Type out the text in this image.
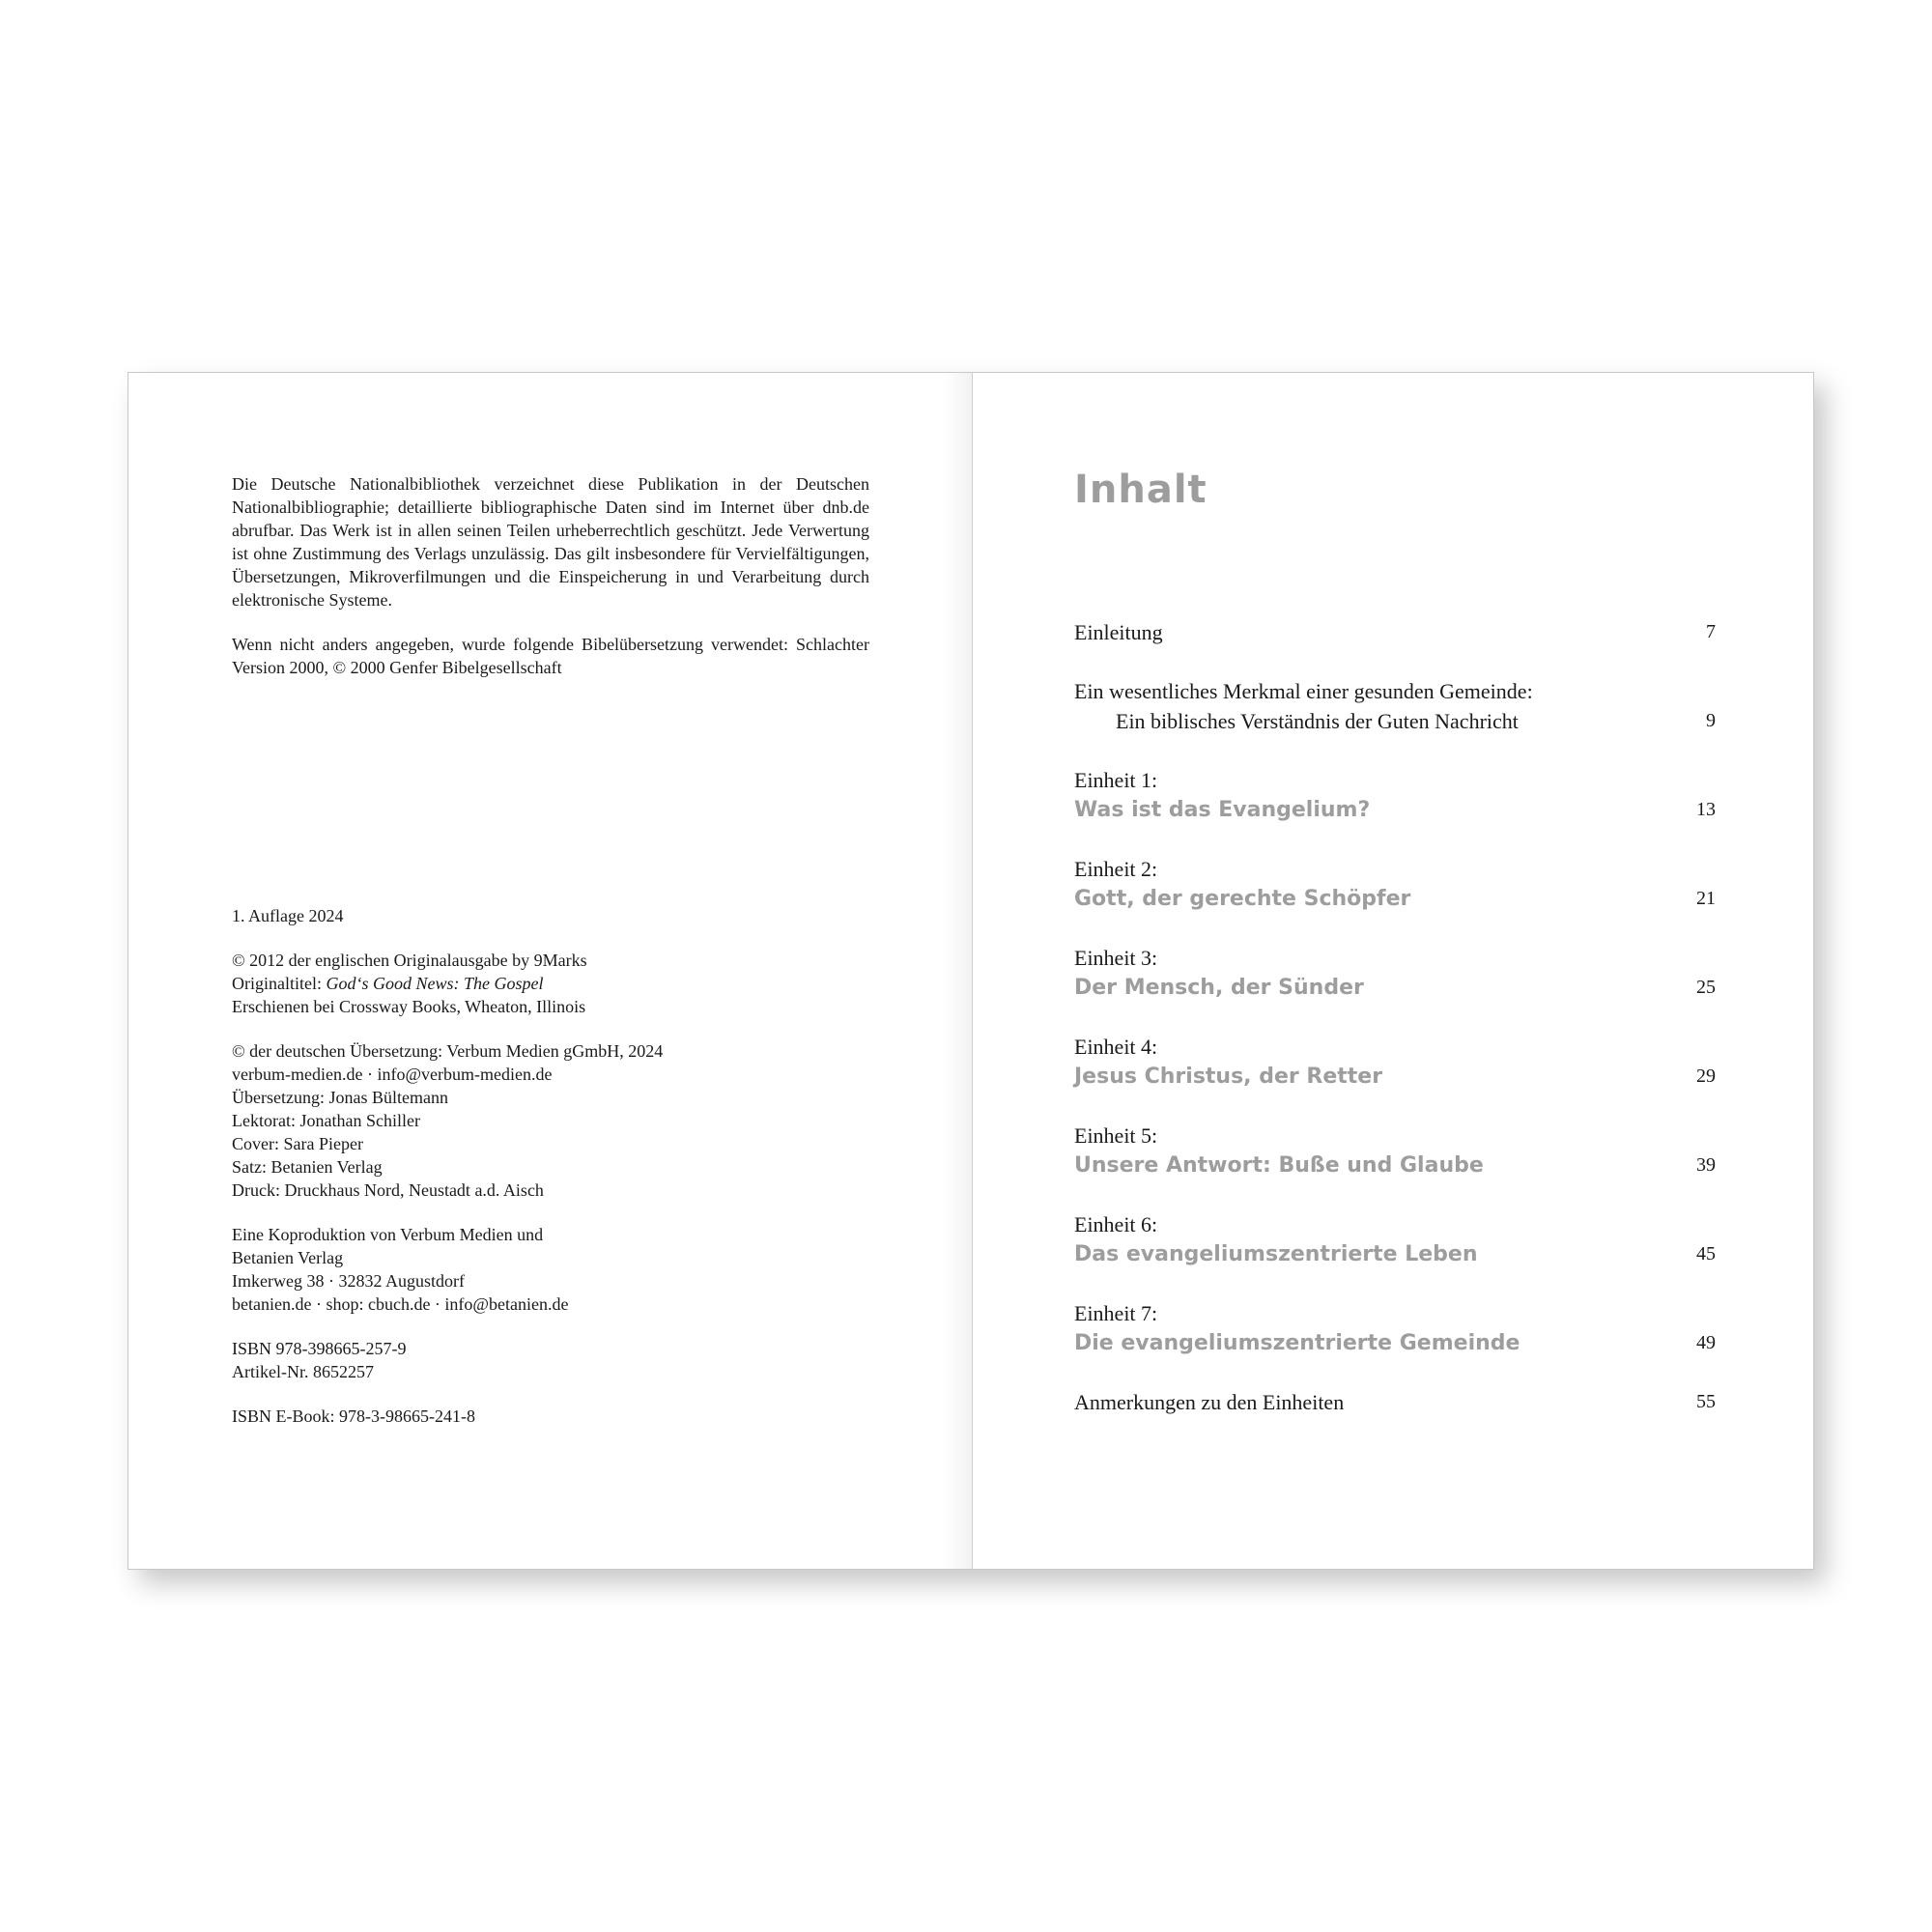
Die Deutsche Nationalbibliothek verzeichnet diese Publikation in der Deutschen Nationalbibliographie; detaillierte bibliographische Daten sind im Internet über dnb.de abrufbar. Das Werk ist in allen seinen Teilen urheberrechtlich geschützt. Jede Verwertung ist ohne Zustimmung des Verlags unzulässig. Das gilt insbesondere für Vervielfältigungen, Übersetzungen, Mikroverfilmungen und die Einspeicherung in und Verarbeitung durch elektronische Systeme.

Wenn nicht anders angegeben, wurde folgende Bibelübersetzung verwendet: Schlachter Version 2000, © 2000 Genfer Bibelgesellschaft

1. Auflage 2024
© 2012 der englischen Originalausgabe by 9Marks
Originaltitel: God‘s Good News: The Gospel
Erschienen bei Crossway Books, Wheaton, Illinois
© der deutschen Übersetzung: Verbum Medien gGmbH, 2024
verbum-medien.de · info@verbum-medien.de
Übersetzung: Jonas Bültemann
Lektorat: Jonathan Schiller
Cover: Sara Pieper
Satz: Betanien Verlag
Druck: Druckhaus Nord, Neustadt a.d. Aisch
Eine Koproduktion von Verbum Medien und
Betanien Verlag
Imkerweg 38 · 32832 Augustdorf
betanien.de · shop: cbuch.de · info@betanien.de
ISBN 978-398665-257-9
Artikel-Nr. 8652257
ISBN E-Book: 978-3-98665-241-8
Inhalt
Einleitung	7
Ein wesentliches Merkmal einer gesunden Gemeinde:
Ein biblisches Verständnis der Guten Nachricht	9
Einheit 1:
Was ist das Evangelium?	13
Einheit 2:
Gott, der gerechte Schöpfer	21
Einheit 3:
Der Mensch, der Sünder	25
Einheit 4:
Jesus Christus, der Retter	29
Einheit 5:
Unsere Antwort: Buße und Glaube	39
Einheit 6:
Das evangeliumszentrierte Leben	45
Einheit 7:
Die evangeliumszentrierte Gemeinde	49
Anmerkungen zu den Einheiten	55
